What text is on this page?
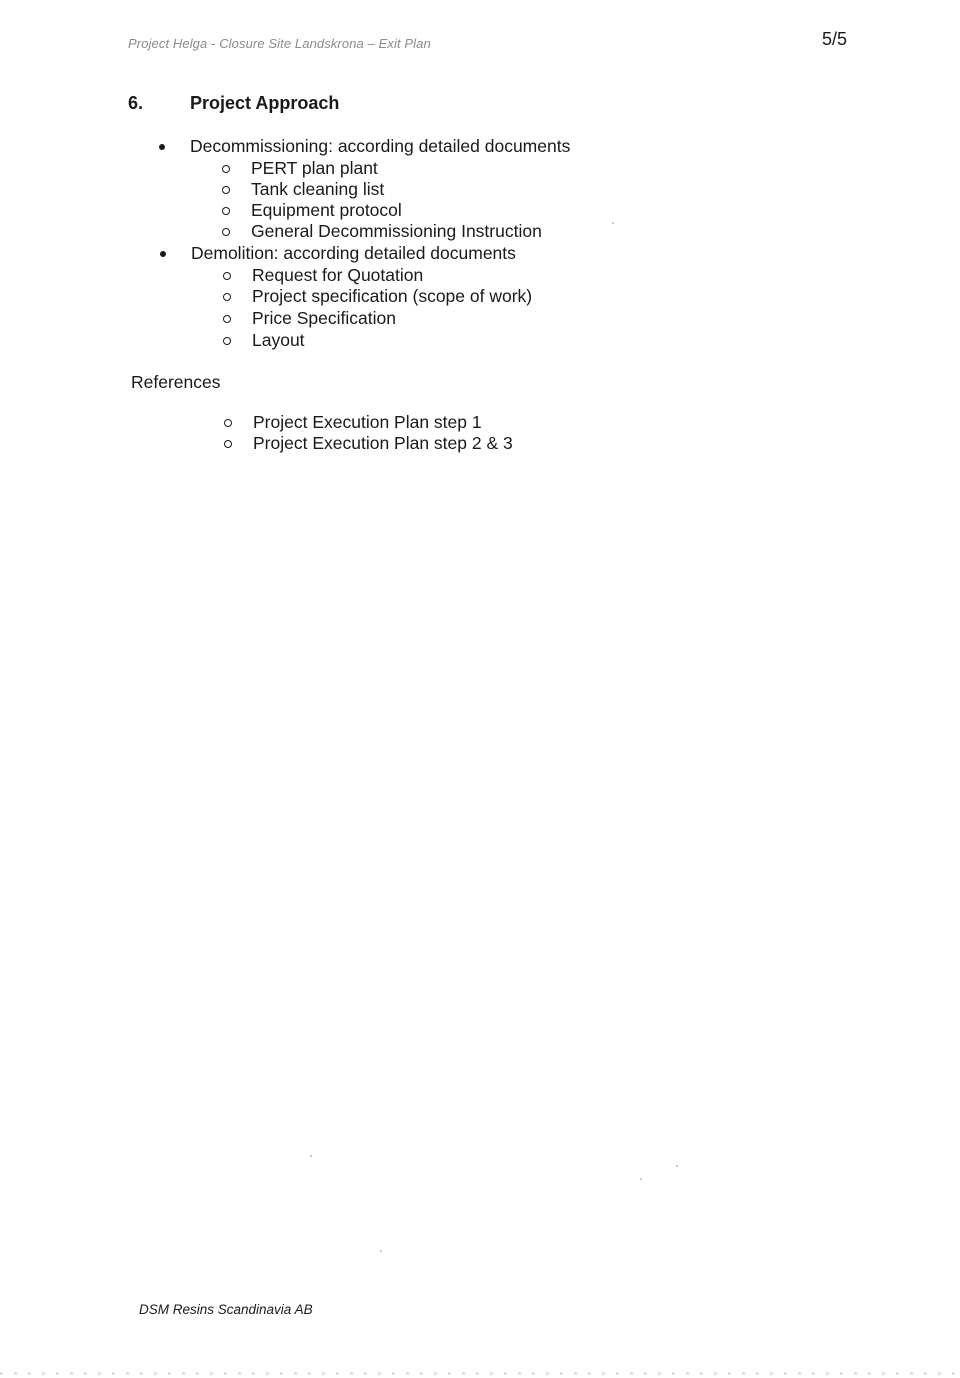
Project Helga - Closure Site Landskrona – Exit Plan	5/5
6.	Project Approach
Decommissioning: according detailed documents
PERT plan plant
Tank cleaning list
Equipment protocol
General Decommissioning Instruction
Demolition: according detailed documents
Request for Quotation
Project specification (scope of work)
Price Specification
Layout
References
Project Execution Plan step 1
Project Execution Plan step 2 & 3
DSM Resins Scandinavia AB
